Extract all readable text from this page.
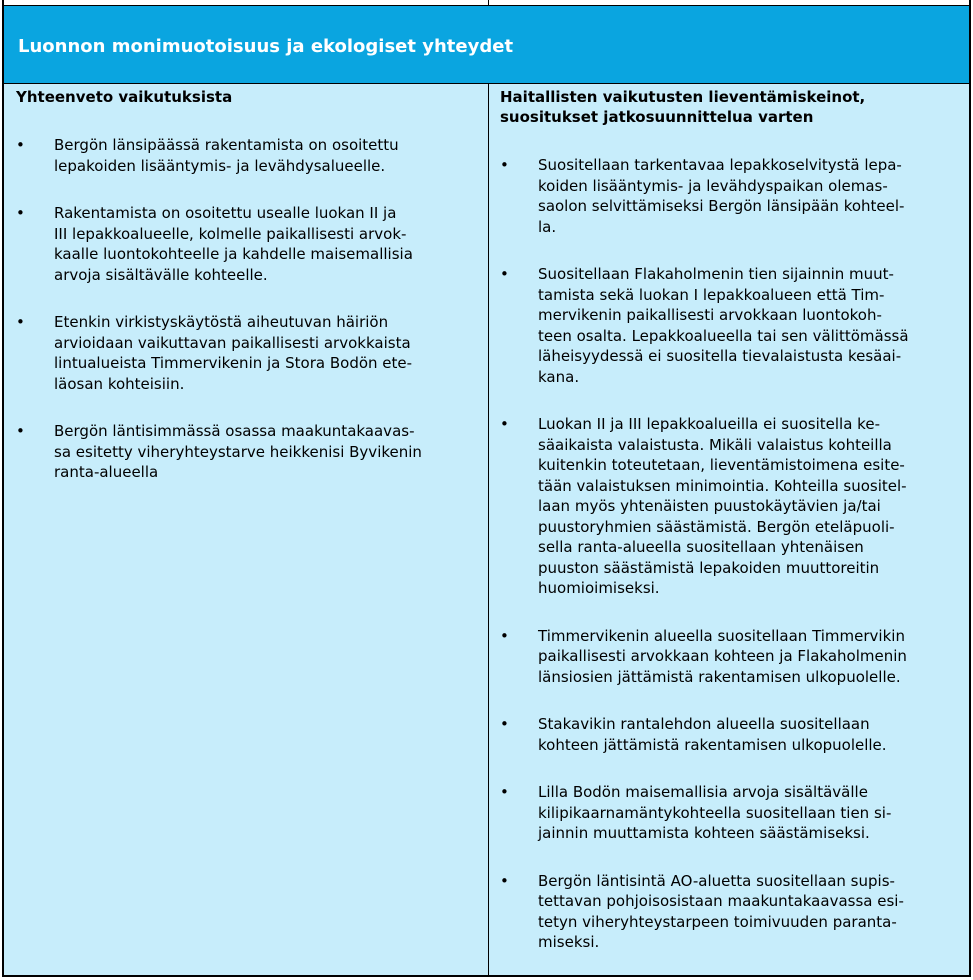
Luonnon monimuotoisuus ja ekologiset yhteydet
Yhteenveto vaikutuksista
• Bergön länsipäässä rakentamista on osoitettu
lepakoiden lisääntymis- ja levähdysalueelle.
• Rakentamista on osoitettu usealle luokan II ja
III lepakkoalueelle, kolmelle paikallisesti arvok-
kaalle luontokohteelle ja kahdelle maisemallisia
arvoja sisältävälle kohteelle.
• Etenkin virkistyskäytöstä aiheutuvan häiriön
arvioidaan vaikuttavan paikallisesti arvokkaista
lintualueista Timmervikenin ja Stora Bodön ete-
läosan kohteisiin.
• Bergön läntisimmässä osassa maakuntakaavas-
sa esitetty viheryhteystarve heikkenisi Byvikenin
ranta-alueella
Haitallisten vaikutusten lieventämiskeinot,
suositukset jatkosuunnittelua varten
• Suositellaan tarkentavaa lepakkoselvitystä lepa-
koiden lisääntymis- ja levähdyspaikan olemas-
saolon selvittämiseksi Bergön länsipään kohteel-
la.
• Suositellaan Flakaholmenin tien sijainnin muut-
tamista sekä luokan I lepakkoalueen että Tim-
mervikenin paikallisesti arvokkaan luontokoh-
teen osalta. Lepakkoalueella tai sen välittömässä
läheisyydessä ei suositella tievalaistusta kesäai-
kana.
• Luokan II ja III lepakkoalueilla ei suositella ke-
säaikaista valaistusta. Mikäli valaistus kohteilla
kuitenkin toteutetaan, lieventämistoimena esite-
tään valaistuksen minimointia. Kohteilla suositel-
laan myös yhtenäisten puustokäytävien ja/tai
puustoryhmien säästämistä. Bergön eteläpuoli-
sella ranta-alueella suositellaan yhtenäisen
puuston säästämistä lepakoiden muuttoreitin
huomioimiseksi.
• Timmervikenin alueella suositellaan Timmervikin
paikallisesti arvokkaan kohteen ja Flakaholmenin
länsiosien jättämistä rakentamisen ulkopuolelle.
• Stakavikin rantalehdon alueella suositellaan
kohteen jättämistä rakentamisen ulkopuolelle.
• Lilla Bodön maisemallisia arvoja sisältävälle
kilipikaarnamäntykohteella suositellaan tien si-
jainnin muuttamista kohteen säästämiseksi.
• Bergön läntisintä AO-aluetta suositellaan supis-
tettavan pohjoisosistaan maakuntakaavassa esi-
tetyn viheryhteystarpeen toimivuuden paranta-
miseksi.
